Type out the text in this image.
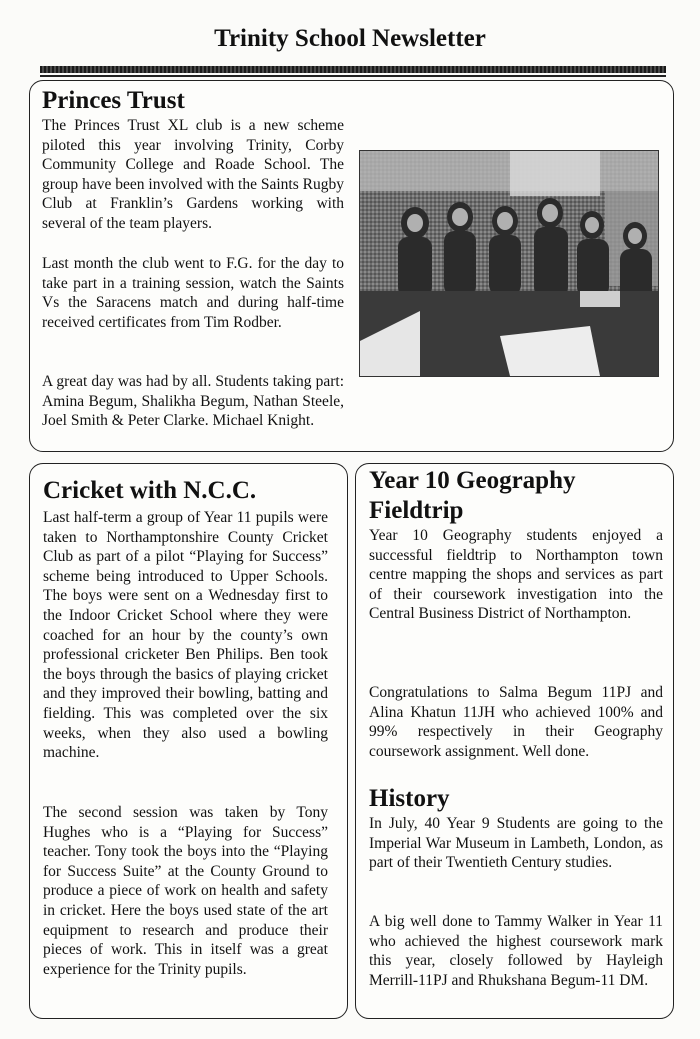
Trinity School Newsletter
Princes Trust

The Princes Trust XL club is a new scheme piloted this year involving Trinity, Corby Community College and Roade School. The group have been involved with the Saints Rugby Club at Franklin’s Gardens working with several of the team players.

Last month the club went to F.G. for the day to take part in a training session, watch the Saints Vs the Saracens match and during half-time received certificates from Tim Rodber.

A great day was had by all. Students taking part: Amina Begum, Shalikha Begum, Nathan Steele, Joel Smith & Peter Clarke. Michael Knight.

Cricket with N.C.C.

Last half-term a group of Year 11 pupils were taken to Northamptonshire County Cricket Club as part of a pilot “Playing for Success” scheme being introduced to Upper Schools. The boys were sent on a Wednesday first to the Indoor Cricket School where they were coached for an hour by the county’s own professional cricketer Ben Philips. Ben took the boys through the basics of playing cricket and they improved their bowling, batting and fielding. This was completed over the six weeks, when they also used a bowling machine.

The second session was taken by Tony Hughes who is a “Playing for Success” teacher. Tony took the boys into the “Playing for Success Suite” at the County Ground to produce a piece of work on health and safety in cricket. Here the boys used state of the art equipment to research and produce their pieces of work. This in itself was a great experience for the Trinity pupils.

Year 10 Geography
Fieldtrip

Year 10 Geography students enjoyed a successful fieldtrip to Northampton town centre mapping the shops and services as part of their coursework investigation into the Central Business District of Northampton.

Congratulations to Salma Begum 11PJ and Alina Khatun 11JH who achieved 100% and 99% respectively in their Geography coursework assignment. Well done.

History

In July, 40 Year 9 Students are going to the Imperial War Museum in Lambeth, London, as part of their Twentieth Century studies.

A big well done to Tammy Walker in Year 11 who achieved the highest coursework mark this year, closely followed by Hayleigh Merrill-11PJ and Rhukshana Begum-11 DM.
